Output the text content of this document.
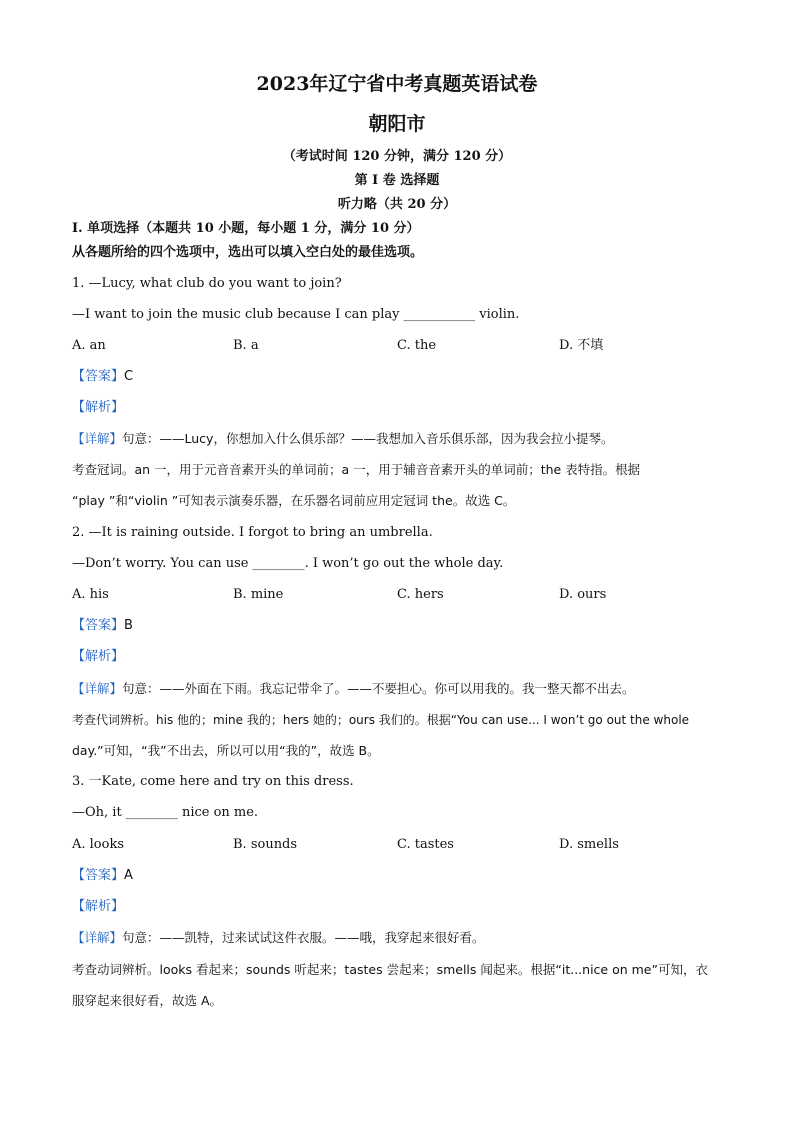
2023年辽宁省中考真题英语试卷
朝阳市
（考试时间 120 分钟，满分 120 分）
第 I 卷 选择题
听力略（共 20 分）
I. 单项选择（本题共 10 小题，每小题 1 分，满分 10 分）
从各题所给的四个选项中，选出可以填入空白处的最佳选项。
1. —Lucy, what club do you want to join?
—I want to join the music club because I can play ___________ violin.
A. an	B. a	C. the	D. 不填
【答案】C
【解析】
【详解】句意：——Lucy，你想加入什么俱乐部？——我想加入音乐俱乐部，因为我会拉小提琴。
考查冠词。an 一，用于元音音素开头的单词前；a 一，用于辅音音素开头的单词前；the 表特指。根据
“play ”和“violin ”可知表示演奏乐器，在乐器名词前应用定冠词 the。故选 C。
2. —It is raining outside. I forgot to bring an umbrella.
—Don’t worry. You can use ________. I won’t go out the whole day.
A. his	B. mine	C. hers	D. ours
【答案】B
【解析】
【详解】句意：——外面在下雨。我忘记带伞了。——不要担心。你可以用我的。我一整天都不出去。
考查代词辨析。his 他的；mine 我的；hers 她的；ours 我们的。根据“You can use... I won’t go out the whole
day.”可知，“我”不出去，所以可以用“我的”，故选 B。
3. 一Kate, come here and try on this dress.
—Oh, it ________ nice on me.
A. looks	B. sounds	C. tastes	D. smells
【答案】A
【解析】
【详解】句意：——凯特，过来试试这件衣服。——哦，我穿起来很好看。
考查动词辨析。looks 看起来；sounds 听起来；tastes 尝起来；smells 闻起来。根据“it...nice on me”可知，衣
服穿起来很好看，故选 A。
